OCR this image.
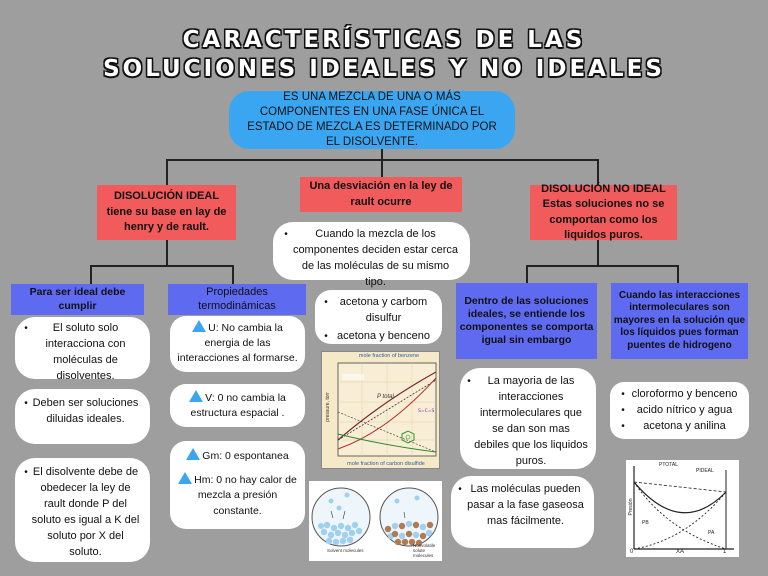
CARACTERÍSTICAS DE LAS
SOLUCIONES IDEALES Y NO IDEALES
ES UNA MEZCLA DE UNA O MÁS COMPONENTES EN UNA FASE ÚNICA EL ESTADO DE MEZCLA ES DETERMINADO POR EL DISOLVENTE.
DISOLUCIÓN IDEAL
tiene su base en lay de henry y de rault.
Una desviación en la ley de rault ocurre
DISOLUCIÓN NO IDEAL
Estas soluciones no se comportan como los liquidos puros.
•	Cuando la mezcla de los componentes deciden estar cerca de las moléculas de su mismo tipo.
•	acetona y carbom disulfur
• acetona y benceno
Para ser ideal debe cumplir
Propiedades termodinámicas	Dentro de las soluciones ideales, se entiende los componentes se comporta igual sin embargo
Cuando las interacciones intermoleculares son mayores en la solución que los líquidos pues forman puentes de hidrogeno
•	El soluto solo interacciona con moléculas de disolventes.
• Deben ser soluciones diluidas ideales.
• El disolvente debe de obedecer la ley de rault donde P del soluto es igual a K del soluto por X del soluto.
U: No cambia la energia de las interacciones al formarse.
V: 0 no cambia la estructura espacial .
Gm: 0 espontanea
Hm: 0 no hay calor de mezcla a presión constante.
•	La mayoria de las interacciones intermoleculares que se dan son mas debiles que los liquidos puros.
• Las moléculas pueden pasar a la fase gaseosa mas fácilmente.
• cloroformo y benceno
•	acido nítrico y agua
•	acetona y anilina
S=C=S
mole fraction of benzene
mole fraction of carbon disulfide
pressure, torr	P total
Solvent molecules
Nonvolatile solute molecules
PTOTAL
PIDEAL
Presión
XA
PB
PA
0	1
